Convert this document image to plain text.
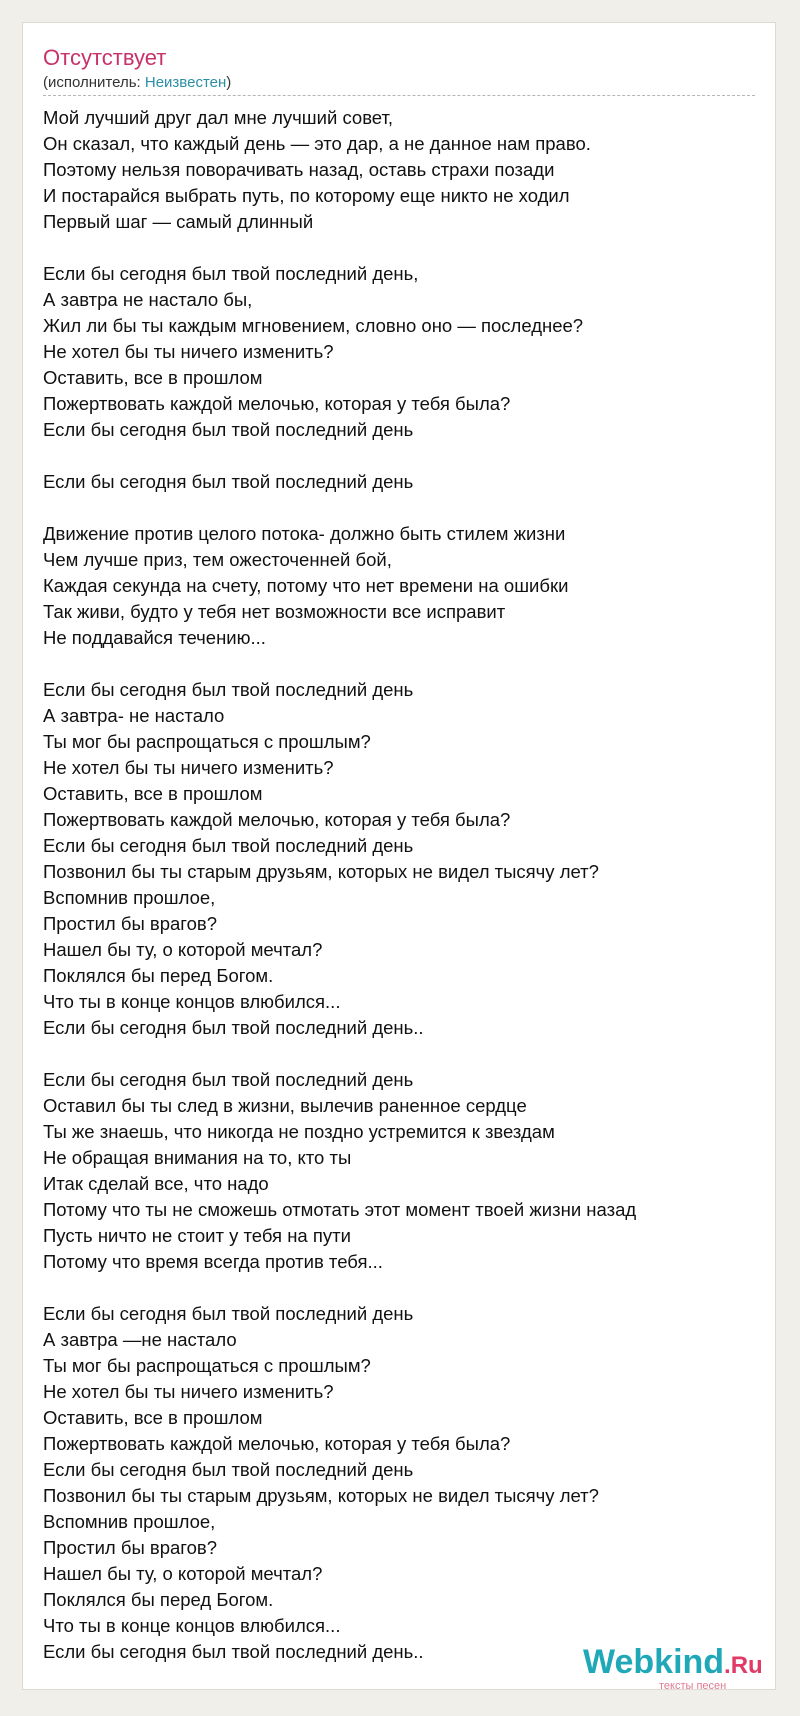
Отсутствует
(исполнитель: Неизвестен)
Мой лучший друг дал мне лучший совет,
Он сказал, что каждый день — это дар, а не данное нам право.
Поэтому нельзя поворачивать назад, оставь страхи позади
И постарайся выбрать путь, по которому еще никто не ходил
Первый шаг — самый длинный
Если бы сегодня был твой последний день,
А завтра не настало бы,
Жил ли бы ты каждым мгновением, словно оно — последнее?
Не хотел бы ты ничего изменить?
Оставить, все в прошлом
Пожертвовать каждой мелочью, которая у тебя была?
Если бы сегодня был твой последний день
Если бы сегодня был твой последний день
Движение против целого потока- должно быть стилем жизни
Чем лучше приз, тем ожесточенней бой,
Каждая секунда на счету, потому что нет времени на ошибки
Так живи, будто у тебя нет возможности все исправит
Не поддавайся течению...
Если бы сегодня был твой последний день
А завтра- не настало
Ты мог бы распрощаться с прошлым?
Не хотел бы ты ничего изменить?
Оставить, все в прошлом
Пожертвовать каждой мелочью, которая у тебя была?
Если бы сегодня был твой последний день
Позвонил бы ты старым друзьям, которых не видел тысячу лет?
Вспомнив прошлое,
Простил бы врагов?
Нашел бы ту, о которой мечтал?
Поклялся бы перед Богом.
Что ты в конце концов влюбился...
Если бы сегодня был твой последний день..
Если бы сегодня был твой последний день
Оставил бы ты след в жизни, вылечив раненное сердце
Ты же знаешь, что никогда не поздно устремится к звездам
Не обращая внимания на то, кто ты
Итак сделай все, что надо
Потому что ты не сможешь отмотать этот момент твоей жизни назад
Пусть ничто не стоит у тебя на пути
Потому что время всегда против тебя...
Если бы сегодня был твой последний день
А завтра —не настало
Ты мог бы распрощаться с прошлым?
Не хотел бы ты ничего изменить?
Оставить, все в прошлом
Пожертвовать каждой мелочью, которая у тебя была?
Если бы сегодня был твой последний день
Позвонил бы ты старым друзьям, которых не видел тысячу лет?
Вспомнив прошлое,
Простил бы врагов?
Нашел бы ту, о которой мечтал?
Поклялся бы перед Богом.
Что ты в конце концов влюбился...
Если бы сегодня был твой последний день..	Webkind.Ru
тексты песен
